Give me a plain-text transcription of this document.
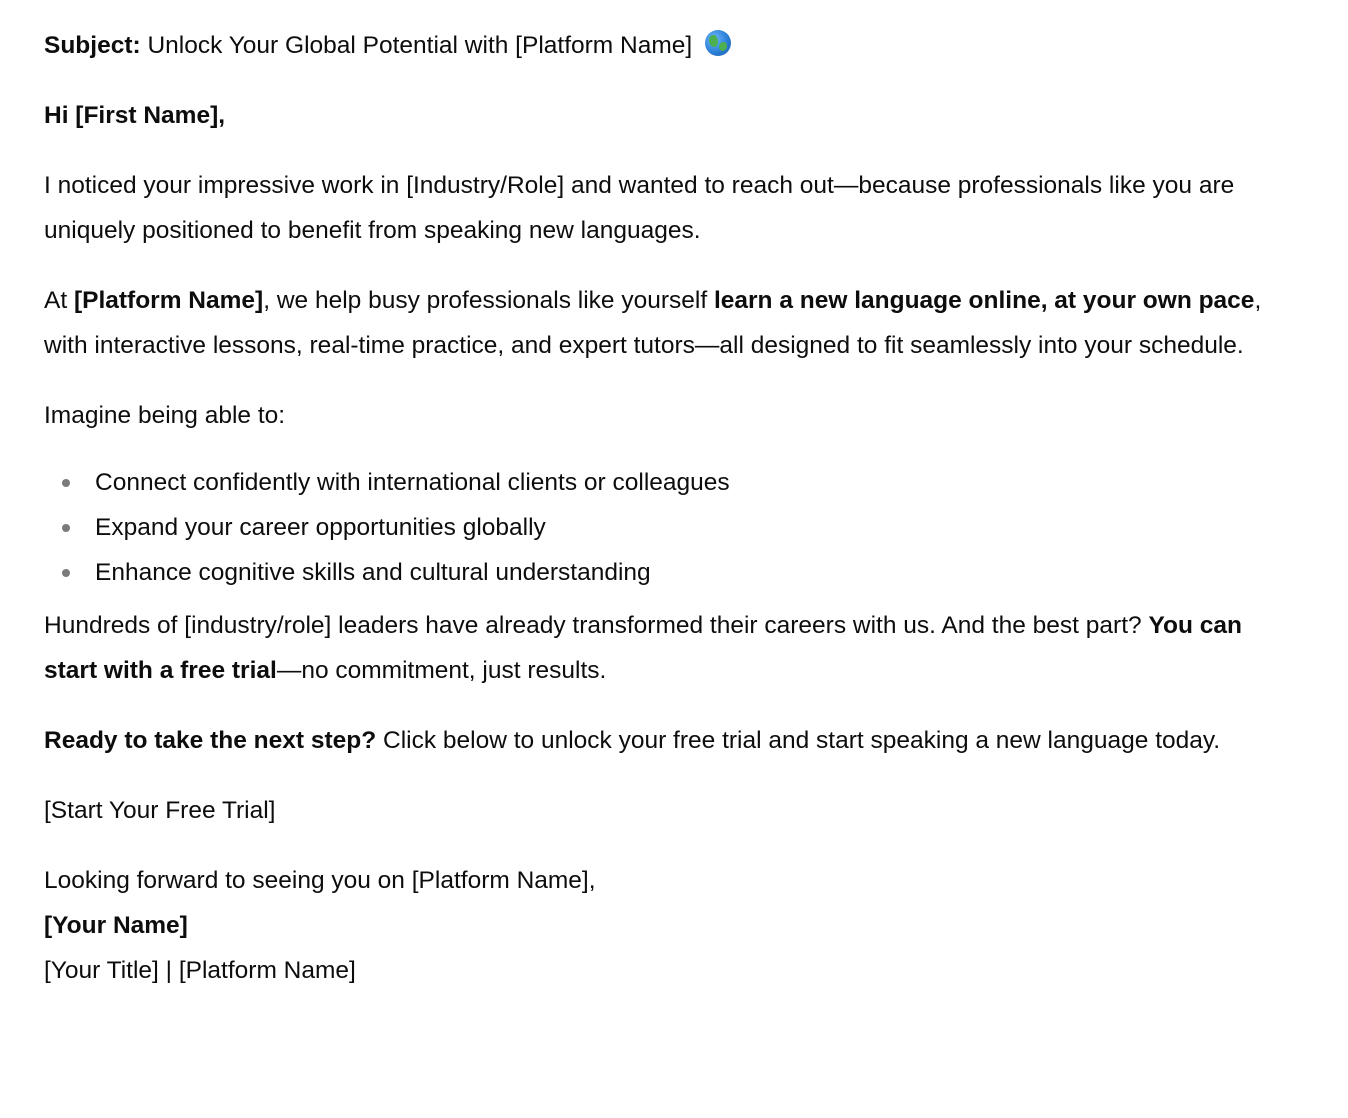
Subject: Unlock Your Global Potential with [Platform Name]

Hi [First Name],

I noticed your impressive work in [Industry/Role] and wanted to reach out—because professionals like you are uniquely positioned to benefit from speaking new languages.

At [Platform Name], we help busy professionals like yourself learn a new language online, at your own pace, with interactive lessons, real-time practice, and expert tutors—all designed to fit seamlessly into your schedule.

Imagine being able to:

Connect confidently with international clients or colleagues
Expand your career opportunities globally
Enhance cognitive skills and cultural understanding

Hundreds of [industry/role] leaders have already transformed their careers with us. And the best part? You can start with a free trial—no commitment, just results.

Ready to take the next step? Click below to unlock your free trial and start speaking a new language today.

[Start Your Free Trial]

Looking forward to seeing you on [Platform Name],
[Your Name]
[Your Title] | [Platform Name]
